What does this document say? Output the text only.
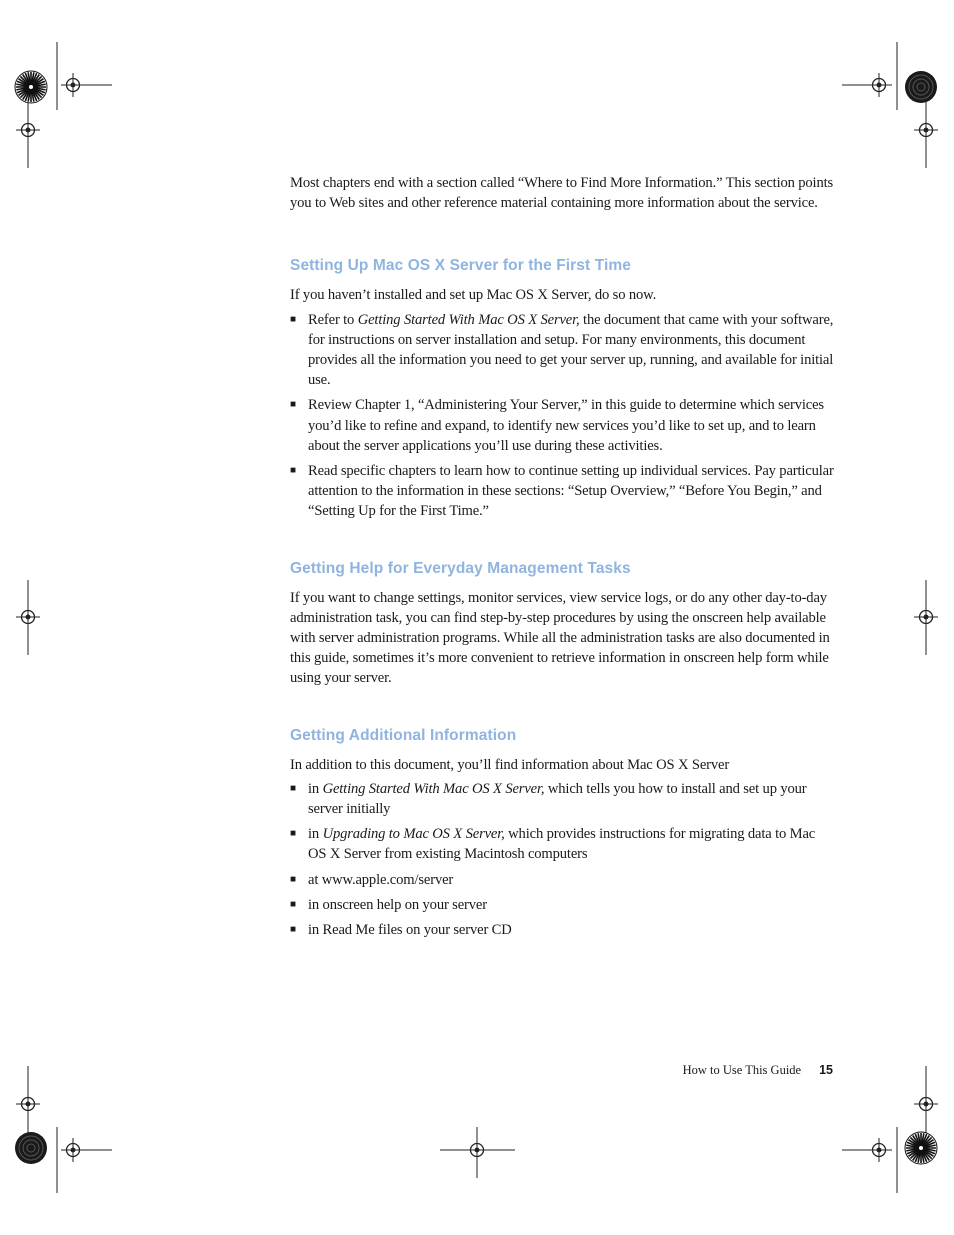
Most chapters end with a section called “Where to Find More Information.” This section points you to Web sites and other reference material containing more information about the service.

Setting Up Mac OS X Server for the First Time

If you haven’t installed and set up Mac OS X Server, do so now.

■ Refer to Getting Started With Mac OS X Server, the document that came with your software, for instructions on server installation and setup. For many environments, this document provides all the information you need to get your server up, running, and available for initial use.
■ Review Chapter 1, “Administering Your Server,” in this guide to determine which services you’d like to refine and expand, to identify new services you’d like to set up, and to learn about the server applications you’ll use during these activities.
■ Read specific chapters to learn how to continue setting up individual services. Pay particular attention to the information in these sections: “Setup Overview,” “Before You Begin,” and “Setting Up for the First Time.”
Getting Help for Everyday Management Tasks

If you want to change settings, monitor services, view service logs, or do any other day-to-day administration task, you can find step-by-step procedures by using the onscreen help available with server administration programs. While all the administration tasks are also documented in this guide, sometimes it’s more convenient to retrieve information in onscreen help form while using your server.

Getting Additional Information

In addition to this document, you’ll find information about Mac OS X Server

■ in Getting Started With Mac OS X Server, which tells you how to install and set up your server initially
■ in Upgrading to Mac OS X Server, which provides instructions for migrating data to Mac OS X Server from existing Macintosh computers
■ at www.apple.com/server
■ in onscreen help on your server
■ in Read Me files on your server CD
How to Use This Guide 15
